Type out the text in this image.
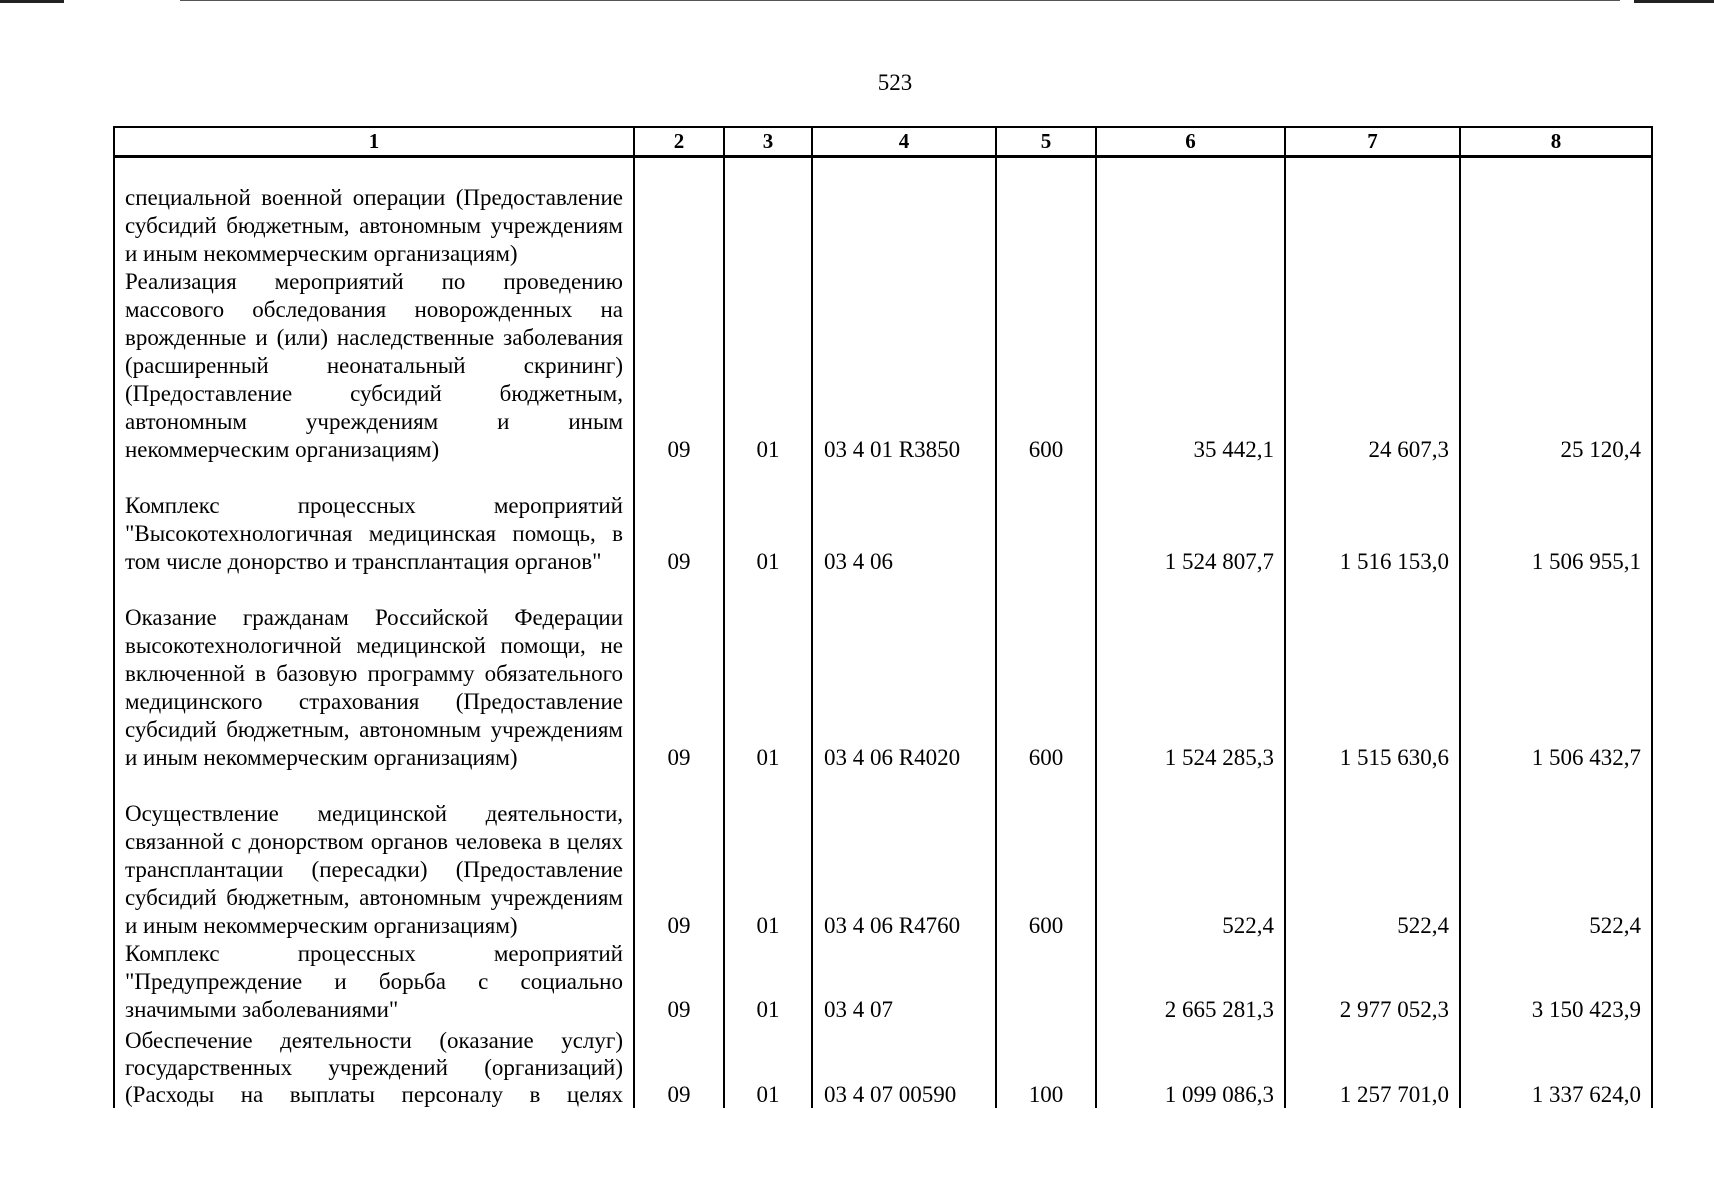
523
1	2	3	4	5	6	7	8
специальной военной операции (Предоставление субсидий бюджетным, автономным учреждениям и иным некоммерческим организациям)							
Реализация мероприятий по проведению массового обследования новорожденных на врожденные и (или) наследственные заболевания (расширенный неонатальный скрининг) (Предоставление субсидий бюджетным, автономным учреждениям и иным некоммерческим организациям)	09	01	03 4 01 R3850	600	35 442,1	24 607,3	25 120,4
Комплекс процессных мероприятий "Высокотехнологичная медицинская помощь, в том числе донорство и трансплантация органов"	09	01	03 4 06		1 524 807,7	1 516 153,0	1 506 955,1
Оказание гражданам Российской Федерации высокотехнологичной медицинской помощи, не включенной в базовую программу обязательного медицинского страхования (Предоставление субсидий бюджетным, автономным учреждениям и иным некоммерческим организациям)	09	01	03 4 06 R4020	600	1 524 285,3	1 515 630,6	1 506 432,7
Осуществление медицинской деятельности, связанной с донорством органов человека в целях трансплантации (пересадки) (Предоставление субсидий бюджетным, автономным учреждениям и иным некоммерческим организациям)	09	01	03 4 06 R4760	600	522,4	522,4	522,4
Комплекс процессных мероприятий "Предупреждение и борьба с социально значимыми заболеваниями"	09	01	03 4 07		2 665 281,3	2 977 052,3	3 150 423,9
Обеспечение деятельности (оказание услуг) государственных учреждений (организаций) (Расходы на выплаты персоналу в целях	09	01	03 4 07 00590	100	1 099 086,3	1 257 701,0	1 337 624,0
